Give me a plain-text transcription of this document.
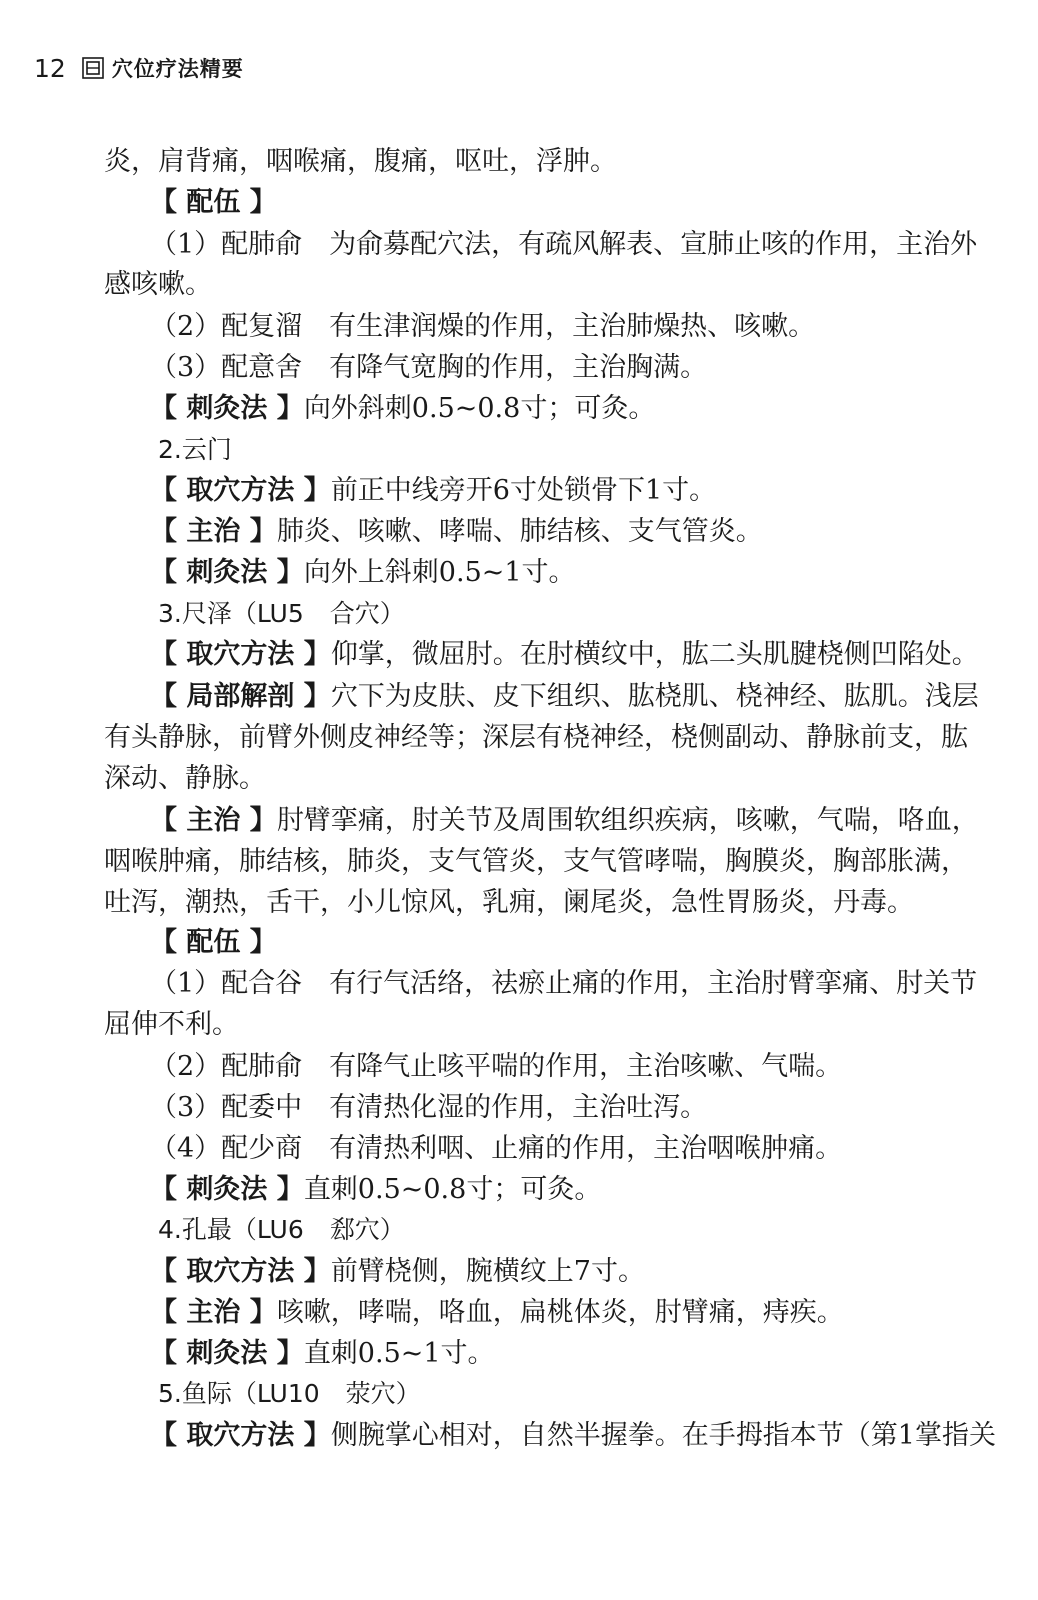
12 穴位疗法精要
炎，肩背痛，咽喉痛，腹痛，呕吐，浮肿。
【 配伍 】
（1）配肺俞　为俞募配穴法，有疏风解表、宣肺止咳的作用，主治外
感咳嗽。
（2）配复溜　有生津润燥的作用，主治肺燥热、咳嗽。
（3）配意舍　有降气宽胸的作用，主治胸满。
【 刺灸法 】向外斜刺0.5~0.8寸；可灸。
2.云门
【 取穴方法 】前正中线旁开6寸处锁骨下1寸。
【 主治 】肺炎、咳嗽、哮喘、肺结核、支气管炎。
【 刺灸法 】向外上斜刺0.5~1寸。
3.尺泽（LU5 合穴）
【 取穴方法 】仰掌，微屈肘。在肘横纹中，肱二头肌腱桡侧凹陷处。
【 局部解剖 】穴下为皮肤、皮下组织、肱桡肌、桡神经、肱肌。浅层
有头静脉，前臂外侧皮神经等；深层有桡神经，桡侧副动、静脉前支，肱
深动、静脉。
【 主治 】肘臂挛痛，肘关节及周围软组织疾病，咳嗽，气喘，咯血，
咽喉肿痛，肺结核，肺炎，支气管炎，支气管哮喘，胸膜炎，胸部胀满，
吐泻，潮热，舌干，小儿惊风，乳痈，阑尾炎，急性胃肠炎，丹毒。
【 配伍 】
（1）配合谷　有行气活络，祛瘀止痛的作用，主治肘臂挛痛、肘关节
屈伸不利。
（2）配肺俞　有降气止咳平喘的作用，主治咳嗽、气喘。
（3）配委中　有清热化湿的作用，主治吐泻。
（4）配少商　有清热利咽、止痛的作用，主治咽喉肿痛。
【 刺灸法 】直刺0.5~0.8寸；可灸。
4.孔最（LU6 郄穴）
【 取穴方法 】前臂桡侧，腕横纹上7寸。
【 主治 】咳嗽，哮喘，咯血，扁桃体炎，肘臂痛，痔疾。
【 刺灸法 】直刺0.5~1寸。
5.鱼际（LU10 荥穴）
【 取穴方法 】侧腕掌心相对，自然半握拳。在手拇指本节（第1掌指关
